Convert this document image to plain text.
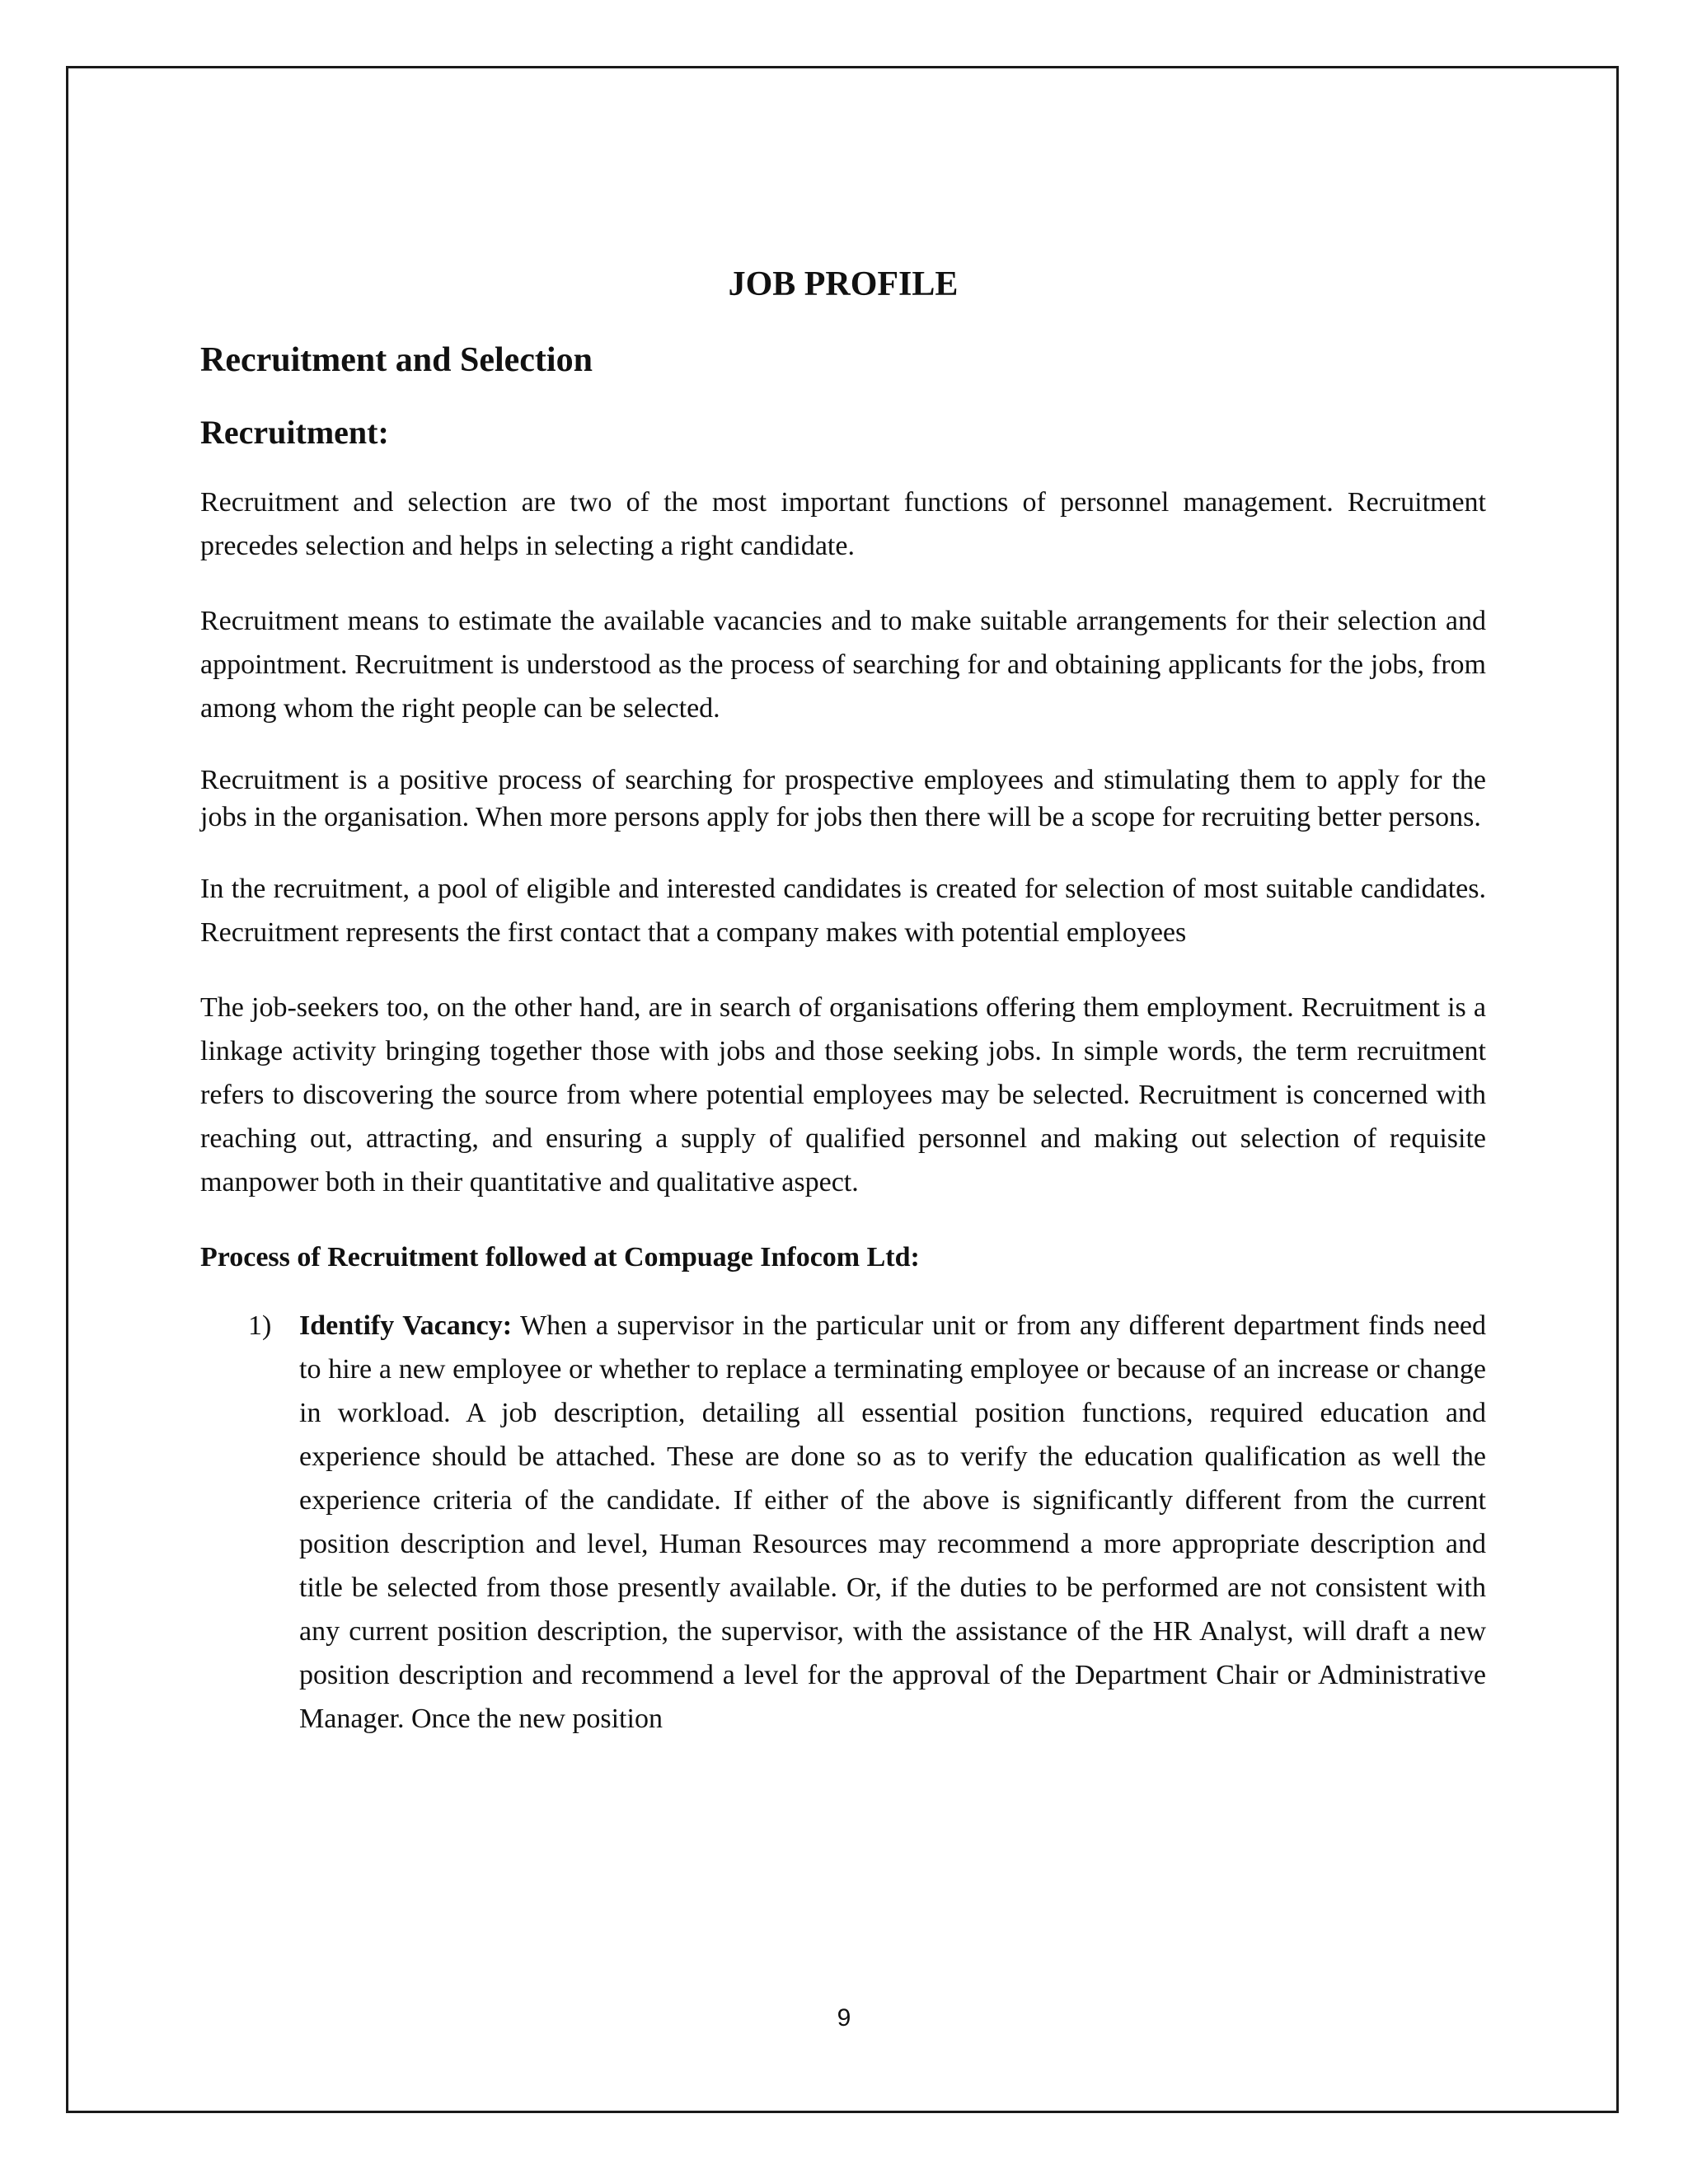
JOB PROFILE
Recruitment and Selection
Recruitment:

Recruitment and selection are two of the most important functions of personnel management. Recruitment precedes selection and helps in selecting a right candidate.

Recruitment means to estimate the available vacancies and to make suitable arrangements for their selection and appointment. Recruitment is understood as the process of searching for and obtaining applicants for the jobs, from among whom the right people can be selected.

Recruitment is a positive process of searching for prospective employees and stimulating them to apply for the jobs in the organisation. When more persons apply for jobs then there will be a scope for recruiting better persons.

In the recruitment, a pool of eligible and interested candidates is created for selection of most suitable candidates. Recruitment represents the first contact that a company makes with potential employees

The job-seekers too, on the other hand, are in search of organisations offering them employment. Recruitment is a linkage activity bringing together those with jobs and those seeking jobs. In simple words, the term recruitment refers to discovering the source from where potential employees may be selected. Recruitment is concerned with reaching out, attracting, and ensuring a supply of qualified personnel and making out selection of requisite manpower both in their quantitative and qualitative aspect.

Process of Recruitment followed at Compuage Infocom Ltd:

1) Identify Vacancy: When a supervisor in the particular unit or from any different department finds need to hire a new employee or whether to replace a terminating employee or because of an increase or change in workload. A job description, detailing all essential position functions, required education and experience should be attached. These are done so as to verify the education qualification as well the experience criteria of the candidate. If either of the above is significantly different from the current position description and level, Human Resources may recommend a more appropriate description and title be selected from those presently available. Or, if the duties to be performed are not consistent with any current position description, the supervisor, with the assistance of the HR Analyst, will draft a new position description and recommend a level for the approval of the Department Chair or Administrative Manager. Once the new position
9
